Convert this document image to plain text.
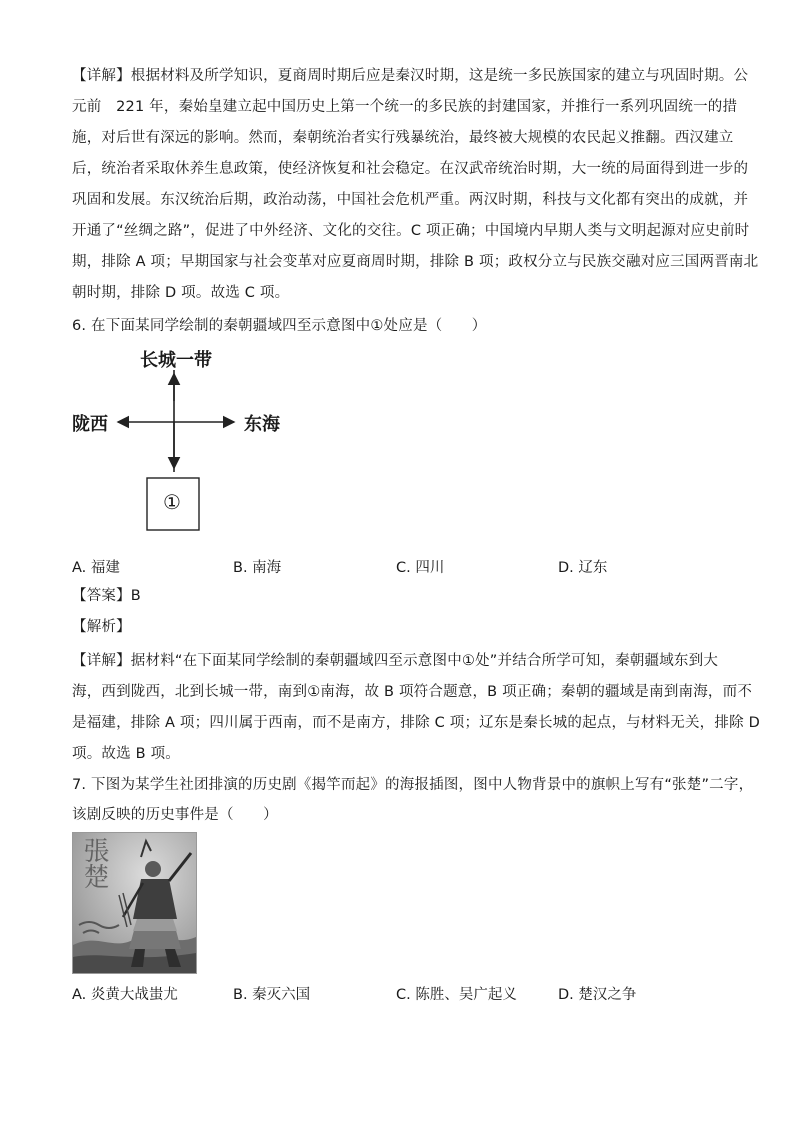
【详解】根据材料及所学知识，夏商周时期后应是秦汉时期，这是统一多民族国家的建立与巩固时期。公
元前　221 年，秦始皇建立起中国历史上第一个统一的多民族的封建国家，并推行一系列巩固统一的措
施，对后世有深远的影响。然而，秦朝统治者实行残暴统治，最终被大规模的农民起义推翻。西汉建立
后，统治者采取休养生息政策，使经济恢复和社会稳定。在汉武帝统治时期，大一统的局面得到进一步的
巩固和发展。东汉统治后期，政治动荡，中国社会危机严重。两汉时期，科技与文化都有突出的成就，并
开通了“丝绸之路”，促进了中外经济、文化的交往。C 项正确；中国境内早期人类与文明起源对应史前时
期，排除 A 项；早期国家与社会变革对应夏商周时期，排除 B 项；政权分立与民族交融对应三国两晋南北
朝时期，排除 D 项。故选 C 项。
6. 在下面某同学绘制的秦朝疆域四至示意图中①处应是（　　）
长城一带
陇西	东海
①
A. 福建	B. 南海	C. 四川	D. 辽东
【答案】B
【解析】
【详解】据材料“在下面某同学绘制的秦朝疆域四至示意图中①处”并结合所学可知，秦朝疆域东到大
海，西到陇西，北到长城一带，南到①南海，故 B 项符合题意，B 项正确；秦朝的疆域是南到南海，而不
是福建，排除 A 项；四川属于西南，而不是南方，排除 C 项；辽东是秦长城的起点，与材料无关，排除 D
项。故选 B 项。
7. 下图为某学生社团排演的历史剧《揭竿而起》的海报插图，图中人物背景中的旗帜上写有“张楚”二字，
该剧反映的历史事件是（　　）
張楚
A. 炎黄大战蚩尤	B. 秦灭六国	C. 陈胜、吴广起义	D. 楚汉之争
